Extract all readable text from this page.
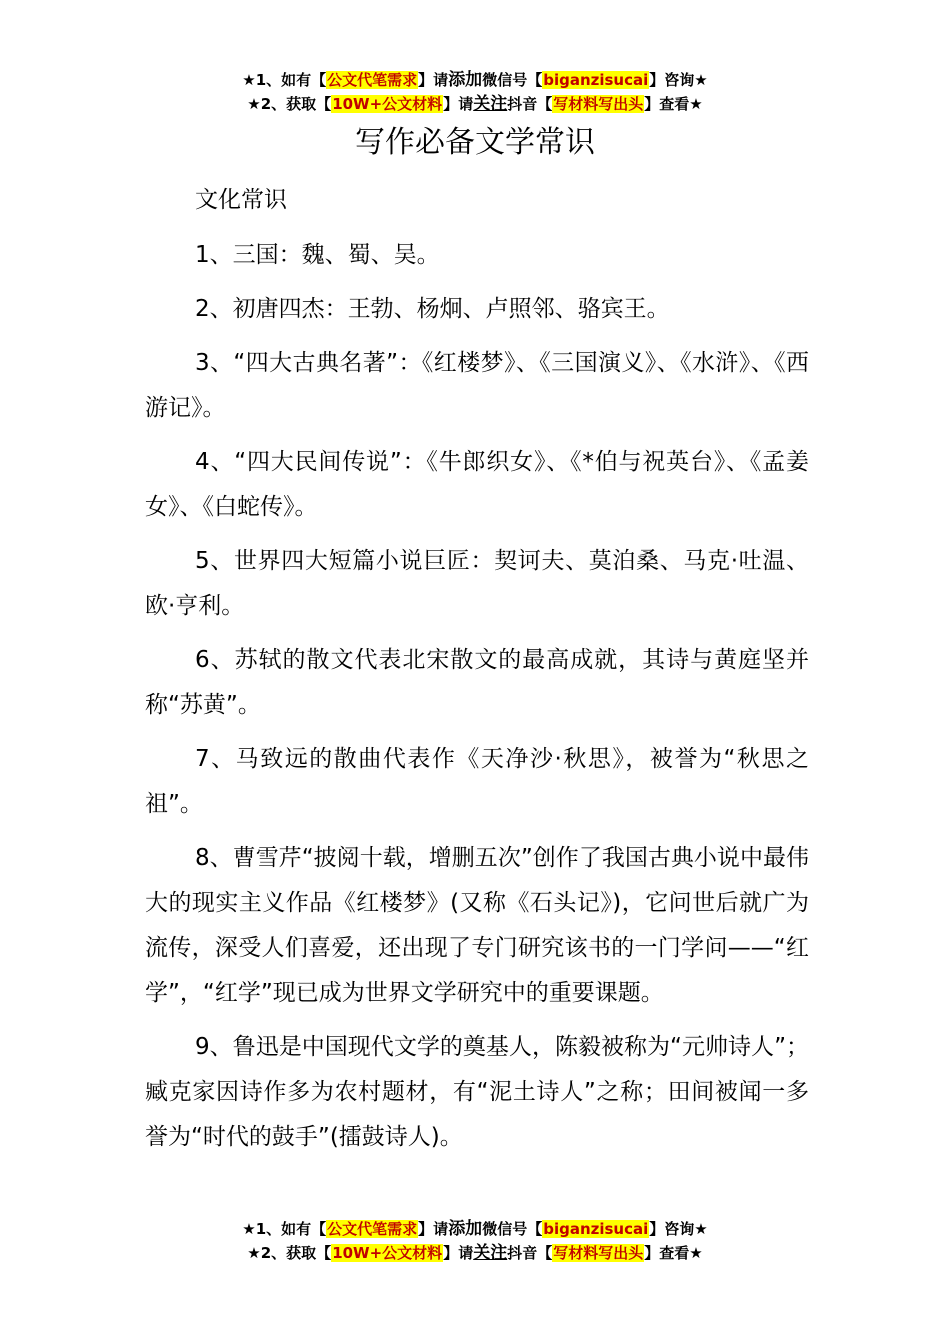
★1、如有【公文代笔需求】请添加微信号【biganzisucai】咨询★
★2、获取【10W+公文材料】请关注抖音【写材料写出头】查看★
写作必备文学常识

文化常识

1、三国：魏、蜀、吴。

2、初唐四杰：王勃、杨炯、卢照邻、骆宾王。

3、“四大古典名著”：《红楼梦》、《三国演义》、《水浒》、《西游记》。

4、“四大民间传说”：《牛郎织女》、《*伯与祝英台》、《孟姜女》、《白蛇传》。

5、世界四大短篇小说巨匠：契诃夫、莫泊桑、马克·吐温、欧·亨利。

6、苏轼的散文代表北宋散文的最高成就，其诗与黄庭坚并称“苏黄”。

7、马致远的散曲代表作《天净沙·秋思》，被誉为“秋思之祖”。

8、曹雪芹“披阅十载，增删五次”创作了我国古典小说中最伟大的现实主义作品《红楼梦》(又称《石头记》)，它问世后就广为流传，深受人们喜爱，还出现了专门研究该书的一门学问——“红学”，“红学”现已成为世界文学研究中的重要课题。

9、鲁迅是中国现代文学的奠基人，陈毅被称为“元帅诗人”；臧克家因诗作多为农村题材，有“泥土诗人”之称；田间被闻一多誉为“时代的鼓手”(擂鼓诗人)。

★1、如有【公文代笔需求】请添加微信号【biganzisucai】咨询★
★2、获取【10W+公文材料】请关注抖音【写材料写出头】查看★
